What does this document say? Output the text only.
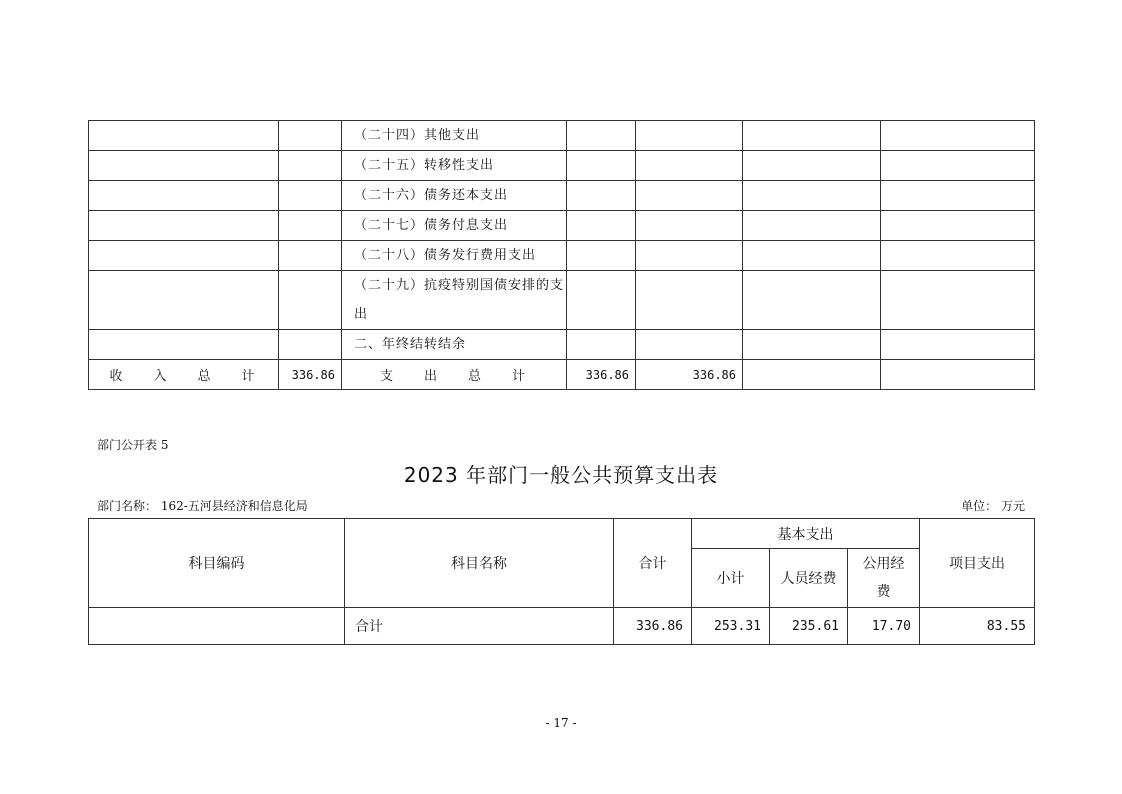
		（二十四）其他支出				
		（二十五）转移性支出				
		（二十六）债务还本支出				
		（二十七）债务付息支出				
		（二十八）债务发行费用支出				

		（二十九）抗疫特别国债安排的支
出				

		二、年终结转结余				
收 入 总 计	336.86	支 出 总 计	336.86	336.86		
部门公开表 5
2023 年部门一般公共预算支出表
部门名称： 162-五河县经济和信息化局	单位： 万元
科目编码	科目名称	合计	基本支出			项目支出
			小计	人员经费	公用经
费	

	合计	336.86	253.31	235.61	17.70	83.55
- 17 -
